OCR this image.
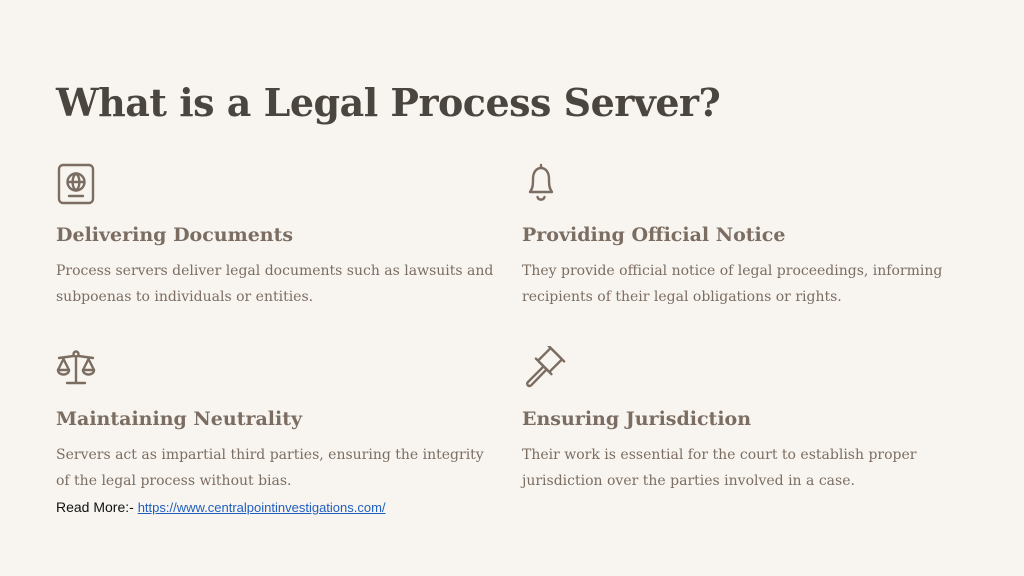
What is a Legal Process Server?
Delivering Documents

Process servers deliver legal documents such as lawsuits and subpoenas to individuals or entities.

Providing Official Notice

They provide official notice of legal proceedings, informing recipients of their legal obligations or rights.

Maintaining Neutrality

Servers act as impartial third parties, ensuring the integrity of the legal process without bias.

Ensuring Jurisdiction

Their work is essential for the court to establish proper jurisdiction over the parties involved in a case.

Read More:- https://www.centralpointinvestigations.com/
